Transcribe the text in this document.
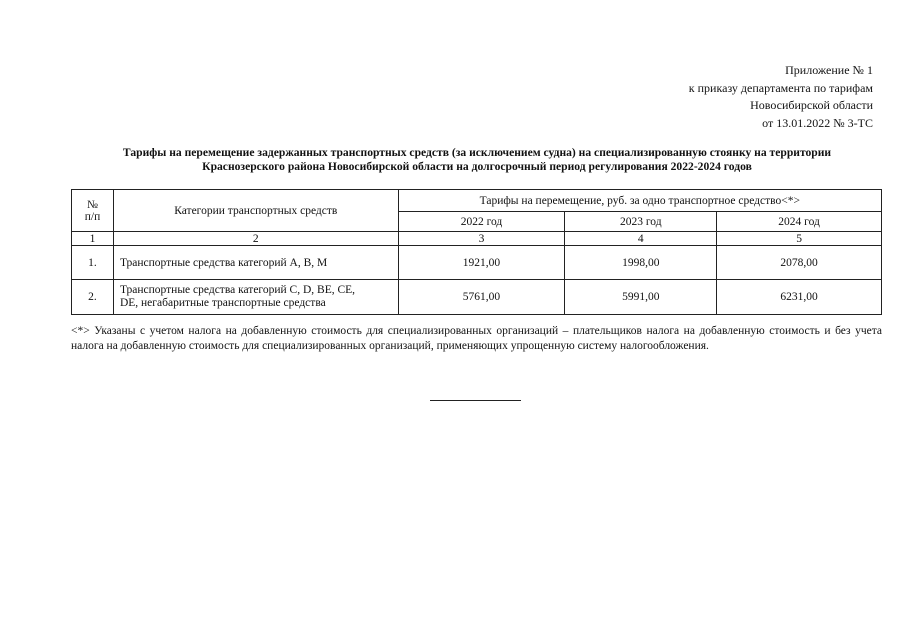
Приложение № 1
к приказу департамента по тарифам
Новосибирской области
от 13.01.2022 № 3-ТС
Тарифы на перемещение задержанных транспортных средств (за исключением судна) на специализированную стоянку на территории
Краснозерского района Новосибирской области на долгосрочный период регулирования 2022-2024 годов
№
п/п	Категории транспортных средств	Тарифы на перемещение, руб. за одно транспортное средство<*>		
		2022 год	2023 год	2024 год
1	2	3	4	5
1.	Транспортные средства категорий A, B, M	1921,00	1998,00	2078,00
2.	Транспортные средства категорий C, D, BE, CE,
DE, негабаритные транспортные средства	5761,00	5991,00	6231,00
<*> Указаны с учетом налога на добавленную стоимость для специализированных организаций – плательщиков налога на добавленную стоимость и без учета налога на добавленную стоимость для специализированных организаций, применяющих упрощенную систему налогообложения.
